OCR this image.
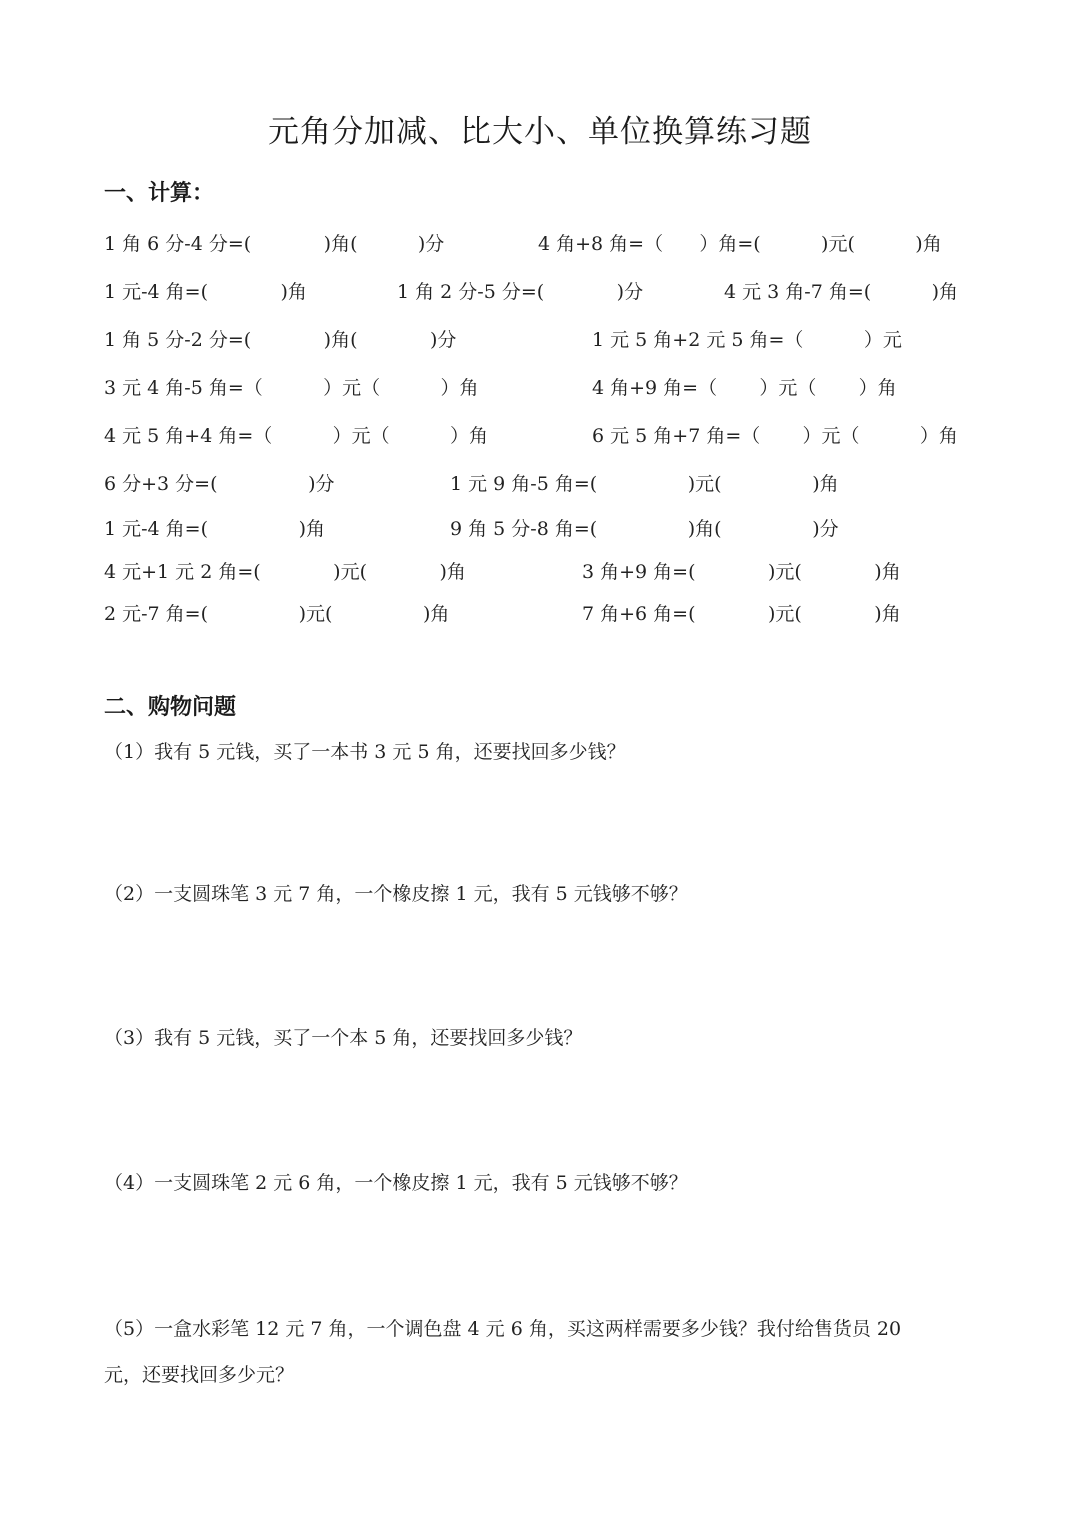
元角分加减、比大小、单位换算练习题
一、计算：
1 角 6 分-4 分=(            )角(          )分	4 角+8 角=（      ）角=(          )元(          )角
1 元-4 角=(            )角	1 角 2 分-5 分=(            )分	4 元 3 角-7 角=(          )角
1 角 5 分-2 分=(            )角(            )分	1 元 5 角+2 元 5 角=（          ）元
3 元 4 角-5 角=（          ）元（          ）角	4 角+9 角=（       ）元（       ）角
4 元 5 角+4 角=（          ）元（          ）角	6 元 5 角+7 角=（       ）元（          ）角
6 分+3 分=(               )分	1 元 9 角-5 角=(               )元(               )角
1 元-4 角=(               )角	9 角 5 分-8 角=(               )角(               )分
4 元+1 元 2 角=(            )元(            )角	3 角+9 角=(            )元(            )角
2 元-7 角=(               )元(               )角	7 角+6 角=(            )元(            )角
二、购物问题
（1）我有 5 元钱，买了一本书 3 元 5 角，还要找回多少钱？
（2）一支圆珠笔 3 元 7 角，一个橡皮擦 1 元，我有 5 元钱够不够？
（3）我有 5 元钱，买了一个本 5 角，还要找回多少钱？
（4）一支圆珠笔 2 元 6 角，一个橡皮擦 1 元，我有 5 元钱够不够？
（5）一盒水彩笔 12 元 7 角，一个调色盘 4 元 6 角，买这两样需要多少钱？我付给售货员 20
元，还要找回多少元？
